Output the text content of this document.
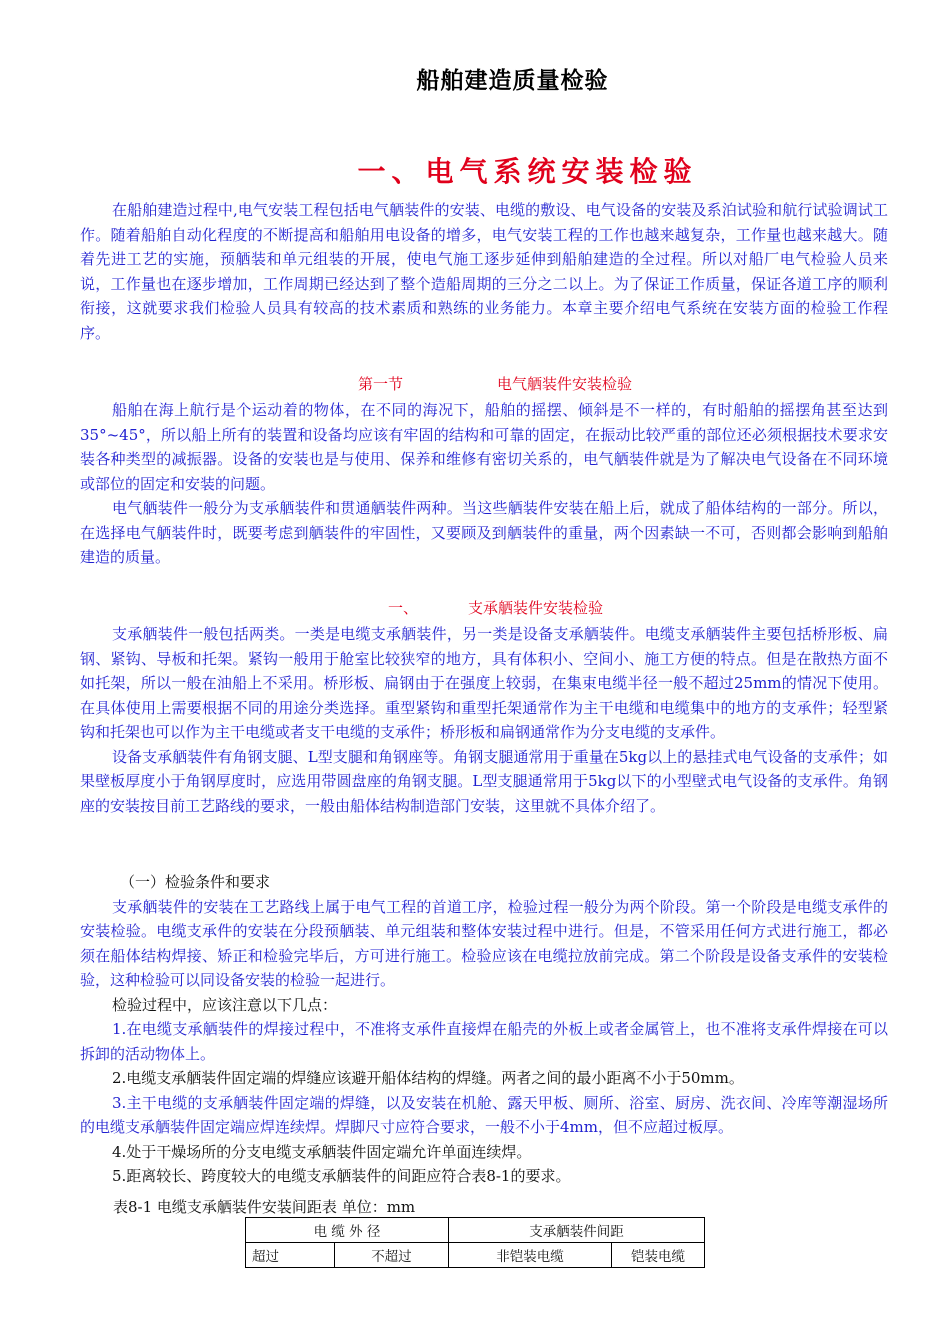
船舶建造质量检验
一、电气系统安装检验

在船舶建造过程中,电气安装工程包括电气舾装件的安装、电缆的敷设、电气设备的安装及系泊试验和航行试验调试工作。随着船舶自动化程度的不断提高和船舶用电设备的增多，电气安装工程的工作也越来越复杂，工作量也越来越大。随着先进工艺的实施，预舾装和单元组装的开展，使电气施工逐步延伸到船舶建造的全过程。所以对船厂电气检验人员来说，工作量也在逐步增加，工作周期已经达到了整个造船周期的三分之二以上。为了保证工作质量，保证各道工序的顺利衔接，这就要求我们检验人员具有较高的技术素质和熟练的业务能力。本章主要介绍电气系统在安装方面的检验工作程序。

第一节	电气舾装件安装检验

船舶在海上航行是个运动着的物体，在不同的海况下，船舶的摇摆、倾斜是不一样的，有时船舶的摇摆角甚至达到35°~45°，所以船上所有的装置和设备均应该有牢固的结构和可靠的固定，在振动比较严重的部位还必须根据技术要求安装各种类型的减振器。设备的安装也是与使用、保养和维修有密切关系的，电气舾装件就是为了解决电气设备在不同环境或部位的固定和安装的问题。

电气舾装件一般分为支承舾装件和贯通舾装件两种。当这些舾装件安装在船上后，就成了船体结构的一部分。所以，在选择电气舾装件时，既要考虑到舾装件的牢固性，又要顾及到舾装件的重量，两个因素缺一不可，否则都会影响到船舶建造的质量。

一、	支承舾装件安装检验

支承舾装件一般包括两类。一类是电缆支承舾装件，另一类是设备支承舾装件。电缆支承舾装件主要包括桥形板、扁钢、紧钩、导板和托架。紧钩一般用于舱室比较狭窄的地方，具有体积小、空间小、施工方便的特点。但是在散热方面不如托架，所以一般在油船上不采用。桥形板、扁钢由于在强度上较弱，在集束电缆半径一般不超过25mm的情况下使用。在具体使用上需要根据不同的用途分类选择。重型紧钩和重型托架通常作为主干电缆和电缆集中的地方的支承件；轻型紧钩和托架也可以作为主干电缆或者支干电缆的支承件；桥形板和扁钢通常作为分支电缆的支承件。

设备支承舾装件有角钢支腿、L型支腿和角钢座等。角钢支腿通常用于重量在5kg以上的悬挂式电气设备的支承件；如果壁板厚度小于角钢厚度时，应选用带圆盘座的角钢支腿。L型支腿通常用于5kg以下的小型壁式电气设备的支承件。角钢座的安装按目前工艺路线的要求，一般由船体结构制造部门安装，这里就不具体介绍了。

（一）检验条件和要求

支承舾装件的安装在工艺路线上属于电气工程的首道工序，检验过程一般分为两个阶段。第一个阶段是电缆支承件的安装检验。电缆支承件的安装在分段预舾装、单元组装和整体安装过程中进行。但是，不管采用任何方式进行施工，都必须在船体结构焊接、矫正和检验完毕后，方可进行施工。检验应该在电缆拉放前完成。第二个阶段是设备支承件的安装检验，这种检验可以同设备安装的检验一起进行。

检验过程中，应该注意以下几点：

1.在电缆支承舾装件的焊接过程中，不准将支承件直接焊在船壳的外板上或者金属管上，也不准将支承件焊接在可以拆卸的活动物体上。

2.电缆支承舾装件固定端的焊缝应该避开船体结构的焊缝。两者之间的最小距离不小于50mm。

3.主干电缆的支承舾装件固定端的焊缝，以及安装在机舱、露天甲板、厕所、浴室、厨房、洗衣间、冷库等潮湿场所的电缆支承舾装件固定端应焊连续焊。焊脚尺寸应符合要求，一般不小于4mm，但不应超过板厚。

4.处于干燥场所的分支电缆支承舾装件固定端允许单面连续焊。

5.距离较长、跨度较大的电缆支承舾装件的间距应符合表8-1的要求。

表8-1 电缆支承舾装件安装间距表 单位：mm
电 缆 外 径		支承舾装件间距	
超过	不超过	非铠装电缆	铠装电缆
